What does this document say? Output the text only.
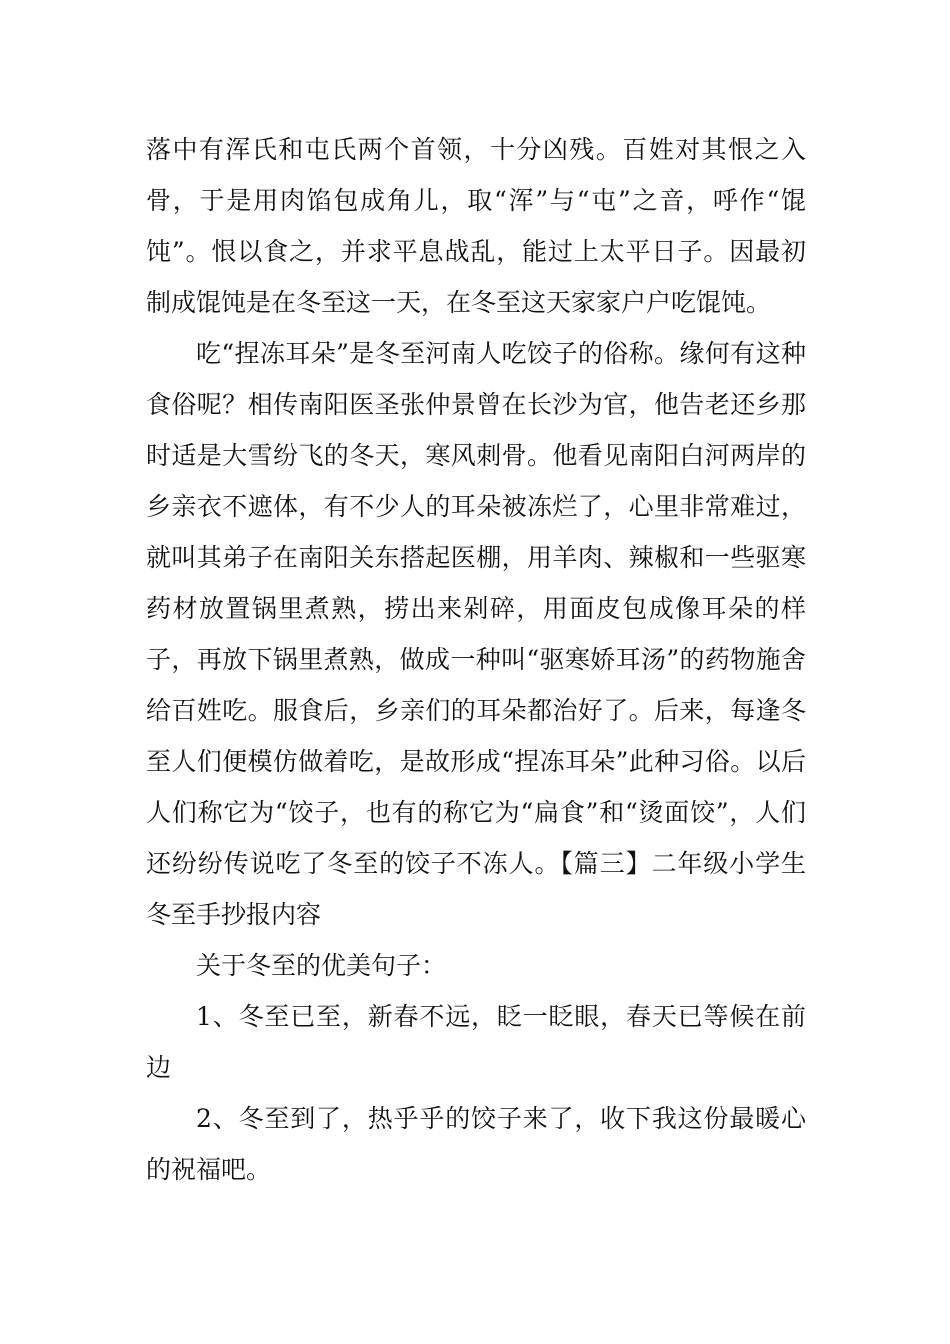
落中有浑氏和屯氏两个首领，十分凶残。百姓对其恨之入骨，于是用肉馅包成角儿，取“浑”与“屯”之音，呼作“馄饨”。恨以食之，并求平息战乱，能过上太平日子。因最初制成馄饨是在冬至这一天，在冬至这天家家户户吃馄饨。

吃“捏冻耳朵”是冬至河南人吃饺子的俗称。缘何有这种食俗呢？相传南阳医圣张仲景曾在长沙为官，他告老还乡那时适是大雪纷飞的冬天，寒风刺骨。他看见南阳白河两岸的乡亲衣不遮体，有不少人的耳朵被冻烂了，心里非常难过，就叫其弟子在南阳关东搭起医棚，用羊肉、辣椒和一些驱寒药材放置锅里煮熟，捞出来剁碎，用面皮包成像耳朵的样子，再放下锅里煮熟，做成一种叫“驱寒娇耳汤”的药物施舍给百姓吃。服食后，乡亲们的耳朵都治好了。后来，每逢冬至人们便模仿做着吃，是故形成“捏冻耳朵”此种习俗。以后人们称它为“饺子，也有的称它为“扁食”和“烫面饺”，人们还纷纷传说吃了冬至的饺子不冻人。【篇三】二年级小学生冬至手抄报内容

关于冬至的优美句子：

1、冬至已至，新春不远，眨一眨眼，春天已等候在前边

2、冬至到了，热乎乎的饺子来了，收下我这份最暖心的祝福吧。
